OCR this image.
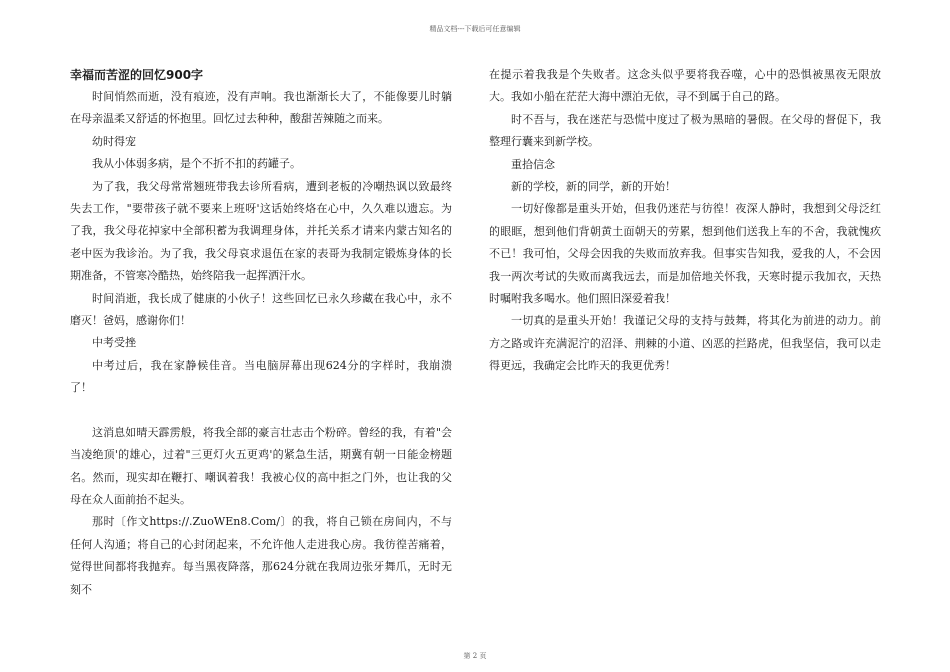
精品文档---下载后可任意编辑
幸福而苦涩的回忆900字

时间悄然而逝，没有痕迹，没有声响。我也渐渐长大了，不能像要儿时躺在母亲温柔又舒适的怀抱里。回忆过去种种，酸甜苦辣随之而来。

幼时得宠

我从小体弱多病，是个不折不扣的药罐子。

为了我，我父母常常翘班带我去诊所看病，遭到老板的冷嘲热讽以致最终失去工作，"要带孩子就不要来上班呀'这话始终烙在心中，久久难以遗忘。为了我，我父母花掉家中全部积蓄为我调理身体，并托关系才请来内蒙古知名的老中医为我诊治。为了我，我父母哀求退伍在家的表哥为我制定锻炼身体的长期准备，不管寒冷酷热，始终陪我一起挥洒汗水。

时间消逝，我长成了健康的小伙子！这些回忆已永久珍藏在我心中，永不磨灭！爸妈，感谢你们！

中考受挫

中考过后，我在家静候佳音。当电脑屏幕出现624分的字样时，我崩溃了！

这消息如晴天霹雳般，将我全部的豪言壮志击个粉碎。曾经的我，有着"会当凌绝顶'的雄心，过着"三更灯火五更鸡'的紧急生活，期冀有朝一日能金榜题名。然而，现实却在鞭打、嘲讽着我！我被心仪的高中拒之门外，也让我的父母在众人面前抬不起头。

那时〔作文https://.ZuoWEn8.Com/〕的我，将自己锁在房间内，不与任何人沟通；将自己的心封闭起来，不允许他人走进我心房。我彷徨苦痛着，觉得世间都将我抛弃。每当黑夜降落，那624分就在我周边张牙舞爪，无时无刻不

在提示着我我是个失败者。这念头似乎要将我吞噬，心中的恐惧被黑夜无限放大。我如小船在茫茫大海中漂泊无依，寻不到属于自己的路。

时不吾与，我在迷茫与恐慌中度过了极为黑暗的暑假。在父母的督促下，我整理行囊来到新学校。

重拾信念

新的学校，新的同学，新的开始！

一切好像都是重头开始，但我仍迷茫与彷徨！夜深人静时，我想到父母泛红的眼眶，想到他们背朝黄土面朝天的劳累，想到他们送我上车的不舍，我就愧疚不已！我可怕，父母会因我的失败而放弃我。但事实告知我，爱我的人，不会因我一两次考试的失败而离我远去，而是加倍地关怀我，天寒时提示我加衣，天热时嘱咐我多喝水。他们照旧深爱着我！

一切真的是重头开始！我谨记父母的支持与鼓舞，将其化为前进的动力。前方之路或许充满泥泞的沼泽、荆棘的小道、凶恶的拦路虎，但我坚信，我可以走得更远，我确定会比昨天的我更优秀！

第 2 页
